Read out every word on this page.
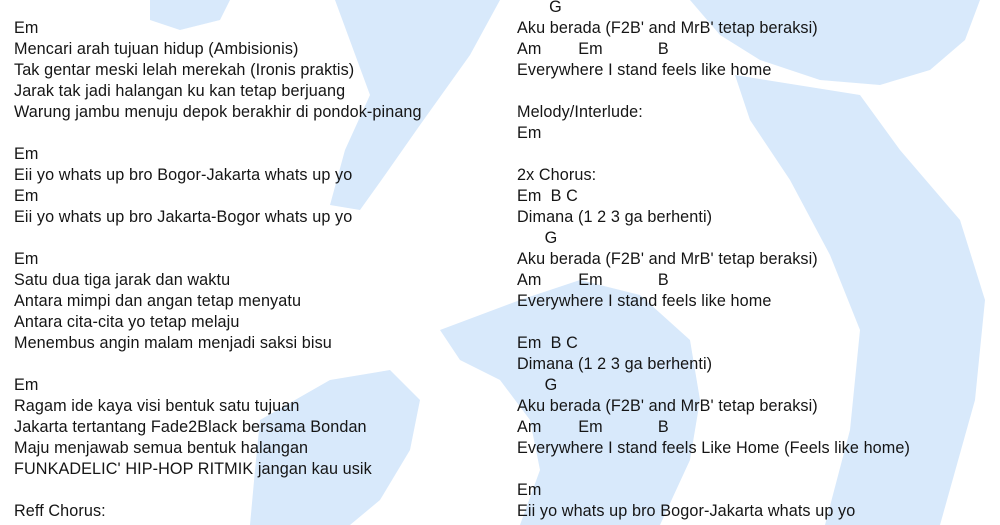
Em
Mencari arah tujuan hidup (Ambisionis)
Tak gentar meski lelah merekah (Ironis praktis)
Jarak tak jadi halangan ku kan tetap berjuang
Warung jambu menuju depok berakhir di pondok-pinang
Em
Eii yo whats up bro Bogor-Jakarta whats up yo
Em
Eii yo whats up bro Jakarta-Bogor whats up yo
Em
Satu dua tiga jarak dan waktu
Antara mimpi dan angan tetap menyatu
Antara cita-cita yo tetap melaju
Menembus angin malam menjadi saksi bisu
Em
Ragam ide kaya visi bentuk satu tujuan
Jakarta tertantang Fade2Black bersama Bondan
Maju menjawab semua bentuk halangan
FUNKADELIC' HIP-HOP RITMIK jangan kau usik
Reff Chorus:
G
Aku berada (F2B' and MrB' tetap beraksi)
Am        Em            B
Everywhere I stand feels like home
Melody/Interlude:
Em
2x Chorus:
Em  B C
Dimana (1 2 3 ga berhenti)
G
Aku berada (F2B' and MrB' tetap beraksi)
Am        Em            B
Everywhere I stand feels like home
Em  B C
Dimana (1 2 3 ga berhenti)
G
Aku berada (F2B' and MrB' tetap beraksi)
Am        Em            B
Everywhere I stand feels Like Home (Feels like home)
Em
Eii yo whats up bro Bogor-Jakarta whats up yo
